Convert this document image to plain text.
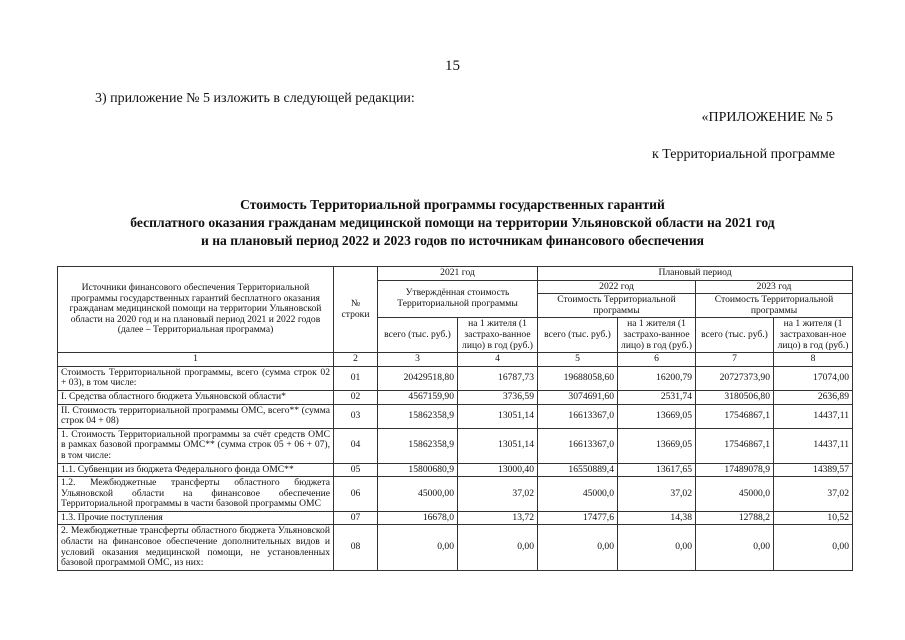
15
3) приложение № 5 изложить в следующей редакции:
«ПРИЛОЖЕНИЕ № 5
к Территориальной программе
Стоимость Территориальной программы государственных гарантий
бесплатного оказания гражданам медицинской помощи на территории Ульяновской области на 2021 год
и на плановый период 2022 и 2023 годов по источникам финансового обеспечения
Источники финансового обеспечения Территориальной программы государственных гарантий бесплатного оказания гражданам медицинской помощи на территории Ульяновской области на 2020 год и на плановый период 2021 и 2022 годов (далее – Территориальная программа)	№ строки	2021 год		Плановый период			
		Утверждённая стоимость Территориальной программы		2022 год		2023 год	
				Стоимость Территориальной программы		Стоимость Территориальной программы	
		всего (тыс. руб.)	на 1 жителя (1 застрахо-ванное лицо) в год (руб.)	всего (тыс. руб.)	на 1 жителя (1 застрахо-ванное лицо) в год (руб.)	всего (тыс. руб.)	на 1 жителя (1 застрахован-ное лицо) в год (руб.)
1	2	3	4	5	6	7	8
Стоимость Территориальной программы, всего (сумма строк 02 + 03), в том числе:	01	20429518,80	16787,73	19688058,60	16200,79	20727373,90	17074,00
I. Средства областного бюджета Ульяновской области*	02	4567159,90	3736,59	3074691,60	2531,74	3180506,80	2636,89
II. Стоимость территориальной программы ОМС, всего** (сумма строк 04 + 08)	03	15862358,9	13051,14	16613367,0	13669,05	17546867,1	14437,11
1. Стоимость Территориальной программы за счёт средств ОМС в рамках базовой программы ОМС** (сумма строк 05 + 06 + 07), в том числе:	04	15862358,9	13051,14	16613367,0	13669,05	17546867,1	14437,11
1.1. Субвенции из бюджета Федерального фонда ОМС**	05	15800680,9	13000,40	16550889,4	13617,65	17489078,9	14389,57
1.2. Межбюджетные трансферты областного бюджета Ульяновской области на финансовое обеспечение Территориальной программы в части базовой программы ОМС	06	45000,00	37,02	45000,0	37,02	45000,0	37,02
1.3. Прочие поступления	07	16678,0	13,72	17477,6	14,38	12788,2	10,52
2. Межбюджетные трансферты областного бюджета Ульяновской области на финансовое обеспечение дополнительных видов и условий оказания медицинской помощи, не установленных базовой программой ОМС, из них:	08	0,00	0,00	0,00	0,00	0,00	0,00
